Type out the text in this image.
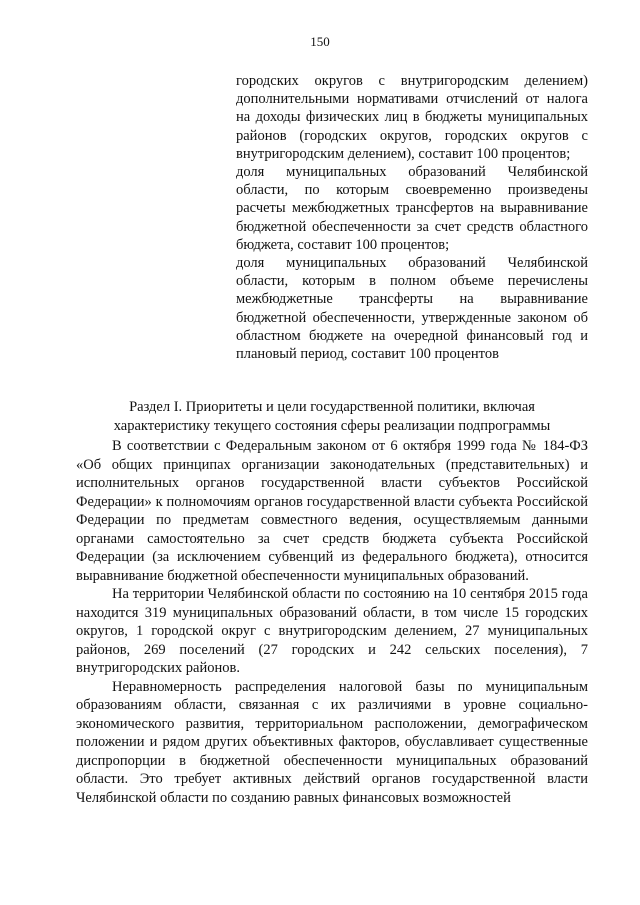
150

городских округов с внутригородским делением) дополнительными нормативами отчислений от налога на доходы физических лиц в бюджеты муниципальных районов (городских округов, городских округов с внутригородским делением), составит 100 процентов;

доля муниципальных образований Челябинской области, по которым своевременно произведены расчеты межбюджетных трансфертов на выравнивание бюджетной обеспеченности за счет средств областного бюджета, составит 100 процентов;

доля муниципальных образований Челябинской области, которым в полном объеме перечислены межбюджетные трансферты на выравнивание бюджетной обеспеченности, утвержденные законом об областном бюджете на очередной финансовый год и плановый период, составит 100 процентов

Раздел I. Приоритеты и цели государственной политики, включая
характеристику текущего состояния сферы реализации подпрограммы

В соответствии с Федеральным законом от 6 октября 1999 года № 184-ФЗ «Об общих принципах организации законодательных (представительных) и исполнительных органов государственной власти субъектов Российской Федерации» к полномочиям органов государственной власти субъекта Российской Федерации по предметам совместного ведения, осуществляемым данными органами самостоятельно за счет средств бюджета субъекта Российской Федерации (за исключением субвенций из федерального бюджета), относится выравнивание бюджетной обеспеченности муниципальных образований.

На территории Челябинской области по состоянию на 10 сентября 2015 года находится 319 муниципальных образований области, в том числе 15 городских округов, 1 городской округ с внутригородским делением, 27 муниципальных районов, 269 поселений (27 городских и 242 сельских поселения), 7 внутригородских районов.

Неравномерность распределения налоговой базы по муниципальным образованиям области, связанная с их различиями в уровне социально-экономического развития, территориальном расположении, демографическом положении и рядом других объективных факторов, обуславливает существенные диспропорции в бюджетной обеспеченности муниципальных образований области. Это требует активных действий органов государственной власти Челябинской области по созданию равных финансовых возможностей
